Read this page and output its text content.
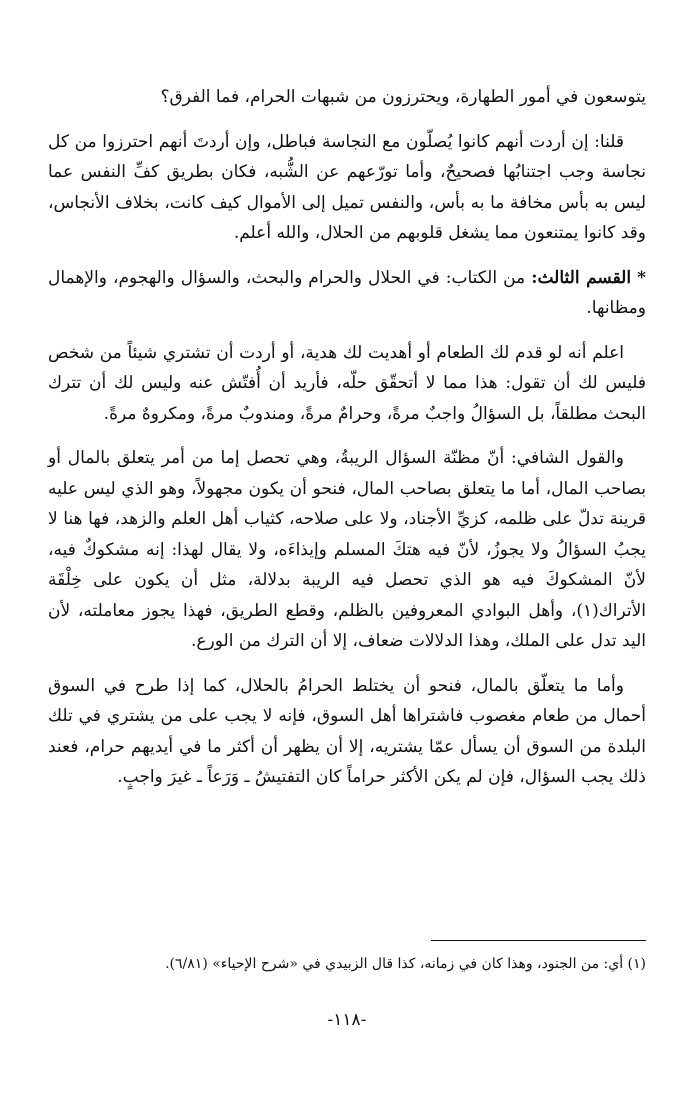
يتوسعون في أمور الطهارة، ويحترزون من شبهات الحرام، فما الفرق؟

قلنا: إن أردت أنهم كانوا يُصلّون مع النجاسة فباطل، وإن أردتَ أنهم احترزوا من كل نجاسة وجب اجتنابُها فصحيحٌ، وأما تورّعهم عن الشُّبه، فكان بطريق كفِّ النفس عما ليس به بأس مخافة ما به بأس، والنفس تميل إلى الأموال كيف كانت، بخلاف الأنجاس، وقد كانوا يمتنعون مما يشغل قلوبهم من الحلال، والله أعلم.

* القسم الثالث: من الكتاب: في الحلال والحرام والبحث، والسؤال والهجوم، والإهمال ومظانها.

اعلم أنه لو قدم لك الطعام أو أهديت لك هدية، أو أردت أن تشتري شيئاً من شخص فليس لك أن تقول: هذا مما لا أتحقّق حلّه، فأريد أن أُفتّش عنه وليس لك أن تترك البحث مطلقاً، بل السؤالُ واجبٌ مرةً، وحرامٌ مرةً، ومندوبٌ مرةً، ومكروهٌ مرةً.

والقول الشافي: أنّ مظنّة السؤال الريبةُ، وهي تحصل إما من أمر يتعلق بالمال أو بصاحب المال، أما ما يتعلق بصاحب المال، فنحو أن يكون مجهولاً، وهو الذي ليس عليه قرينة تدلّ على ظلمه، كزيِّ الأجناد، ولا على صلاحه، كثياب أهل العلم والزهد، فها هنا لا يجبُ السؤالُ ولا يجوزُ، لأنّ فيه هتكَ المسلم وإيذاءَه، ولا يقال لهذا: إنه مشكوكٌ فيه، لأنّ المشكوكَ فيه هو الذي تحصل فيه الريبة بدلالة، مثل أن يكون على خِلْقَة الأتراك(١)، وأهل البوادي المعروفين بالظلم، وقطع الطريق، فهذا يجوز معاملته، لأن اليد تدل على الملك، وهذا الدلالات ضعاف، إلا أن الترك من الورع.

وأما ما يتعلّق بالمال، فنحو أن يختلط الحرامُ بالحلال، كما إذا طرح في السوق أحمال من طعام مغصوب فاشتراها أهل السوق، فإنه لا يجب على من يشتري في تلك البلدة من السوق أن يسأل عمّا يشتريه، إلا أن يظهر أن أكثر ما في أيديهم حرام، فعند ذلك يجب السؤال، فإن لم يكن الأكثر حراماً كان التفتيشُ ـ وَرَعاً ـ غيرَ واجبٍ.

(١) أي: من الجنود، وهذا كان في زمانه، كذا قال الزبيدي في «شرح الإحياء» (٦/٨١).

-١١٨-
